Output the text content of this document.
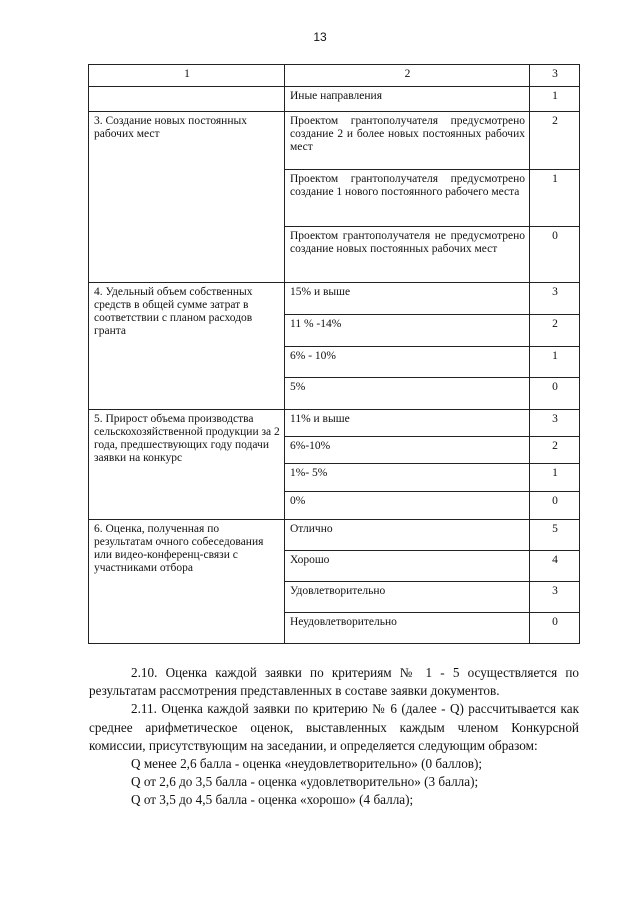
13
1	2	3

	Иные направления	1

3. Создание новых постоянных рабочих мест	Проектом грантополучателя предусмотрено создание 2 и более новых постоянных рабочих мест	2

	Проектом грантополучателя предусмотрено создание 1 нового постоянного рабочего места	1

	Проектом грантополучателя не предусмотрено создание новых постоянных рабочих мест	0

4. Удельный объем собственных средств в общей сумме затрат в соответствии с планом расходов гранта	15% и выше	3

	11 % -14%	2

	6% - 10%	1

	5%	0

5. Прирост объема производства сельскохозяйственной продукции за 2 года, предшествующих году подачи заявки на конкурс	11% и выше	3

	6%-10%	2

	1%- 5%	1

	0%	0

6. Оценка, полученная по результатам очного собеседования или видео-конференц-связи с участниками отбора	Отлично	5

	Хорошо	4

	Удовлетворительно	3

	Неудовлетворительно	0

2.10. Оценка каждой заявки по критериям № 1 - 5 осуществляется по результатам рассмотрения представленных в составе заявки документов.

2.11. Оценка каждой заявки по критерию № 6 (далее - Q) рассчитывается как среднее арифметическое оценок, выставленных каждым членом Конкурсной комиссии, присутствующим на заседании, и определяется следующим образом:

Q менее 2,6 балла - оценка «неудовлетворительно» (0 баллов);
Q от 2,6 до 3,5 балла - оценка «удовлетворительно» (3 балла);
Q от 3,5 до 4,5 балла - оценка «хорошо» (4 балла);
